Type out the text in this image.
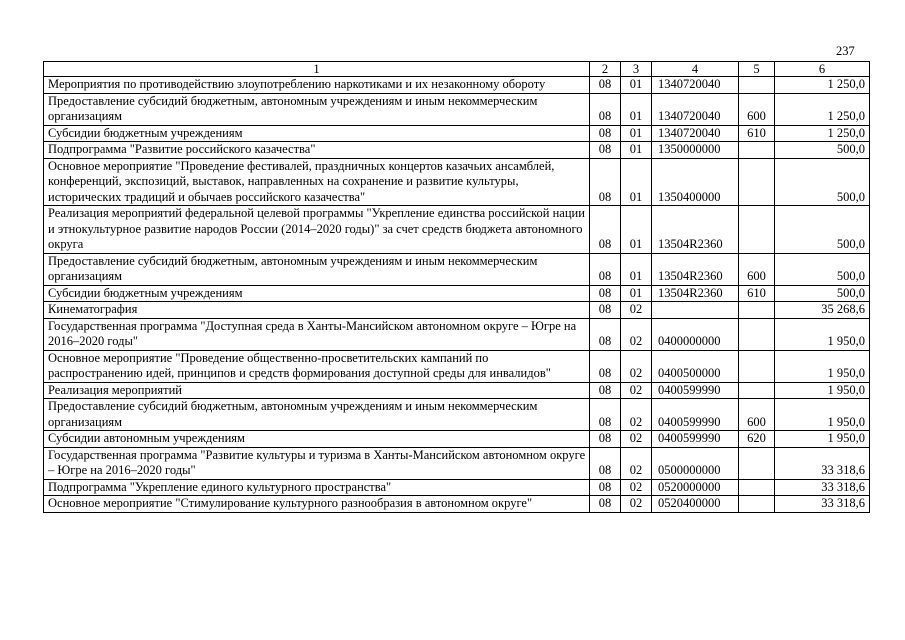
237
1	2	3	4	5	6
Мероприятия по противодействию злоупотреблению наркотиками и их незаконному обороту	08	01	1340720040		1 250,0
Предоставление субсидий бюджетным, автономным учреждениям и иным некоммерческим организациям	08	01	1340720040	600	1 250,0
Субсидии бюджетным учреждениям	08	01	1340720040	610	1 250,0
Подпрограмма "Развитие российского казачества"	08	01	1350000000		500,0
Основное мероприятие "Проведение фестивалей, праздничных концертов казачьих ансамблей, конференций, экспозиций, выставок, направленных на сохранение и развитие культуры, исторических традиций и обычаев российского казачества"	08	01	1350400000		500,0
Реализация мероприятий федеральной целевой программы "Укрепление единства российской нации и этнокультурное развитие народов России (2014–2020 годы)" за счет средств бюджета автономного округа	08	01	13504R2360		500,0
Предоставление субсидий бюджетным, автономным учреждениям и иным некоммерческим организациям	08	01	13504R2360	600	500,0
Субсидии бюджетным учреждениям	08	01	13504R2360	610	500,0
Кинематография	08	02			35 268,6
Государственная программа "Доступная среда в Ханты-Мансийском автономном округе – Югре на 2016–2020 годы"	08	02	0400000000		1 950,0
Основное мероприятие "Проведение общественно-просветительских кампаний по распространению идей, принципов и средств формирования доступной среды для инвалидов"	08	02	0400500000		1 950,0
Реализация мероприятий	08	02	0400599990		1 950,0
Предоставление субсидий бюджетным, автономным учреждениям и иным некоммерческим организациям	08	02	0400599990	600	1 950,0
Субсидии автономным учреждениям	08	02	0400599990	620	1 950,0
Государственная программа "Развитие культуры и туризма в Ханты-Мансийском автономном округе – Югре на 2016–2020 годы"	08	02	0500000000		33 318,6
Подпрограмма "Укрепление единого культурного пространства"	08	02	0520000000		33 318,6
Основное мероприятие "Стимулирование культурного разнообразия в автономном округе"	08	02	0520400000		33 318,6
